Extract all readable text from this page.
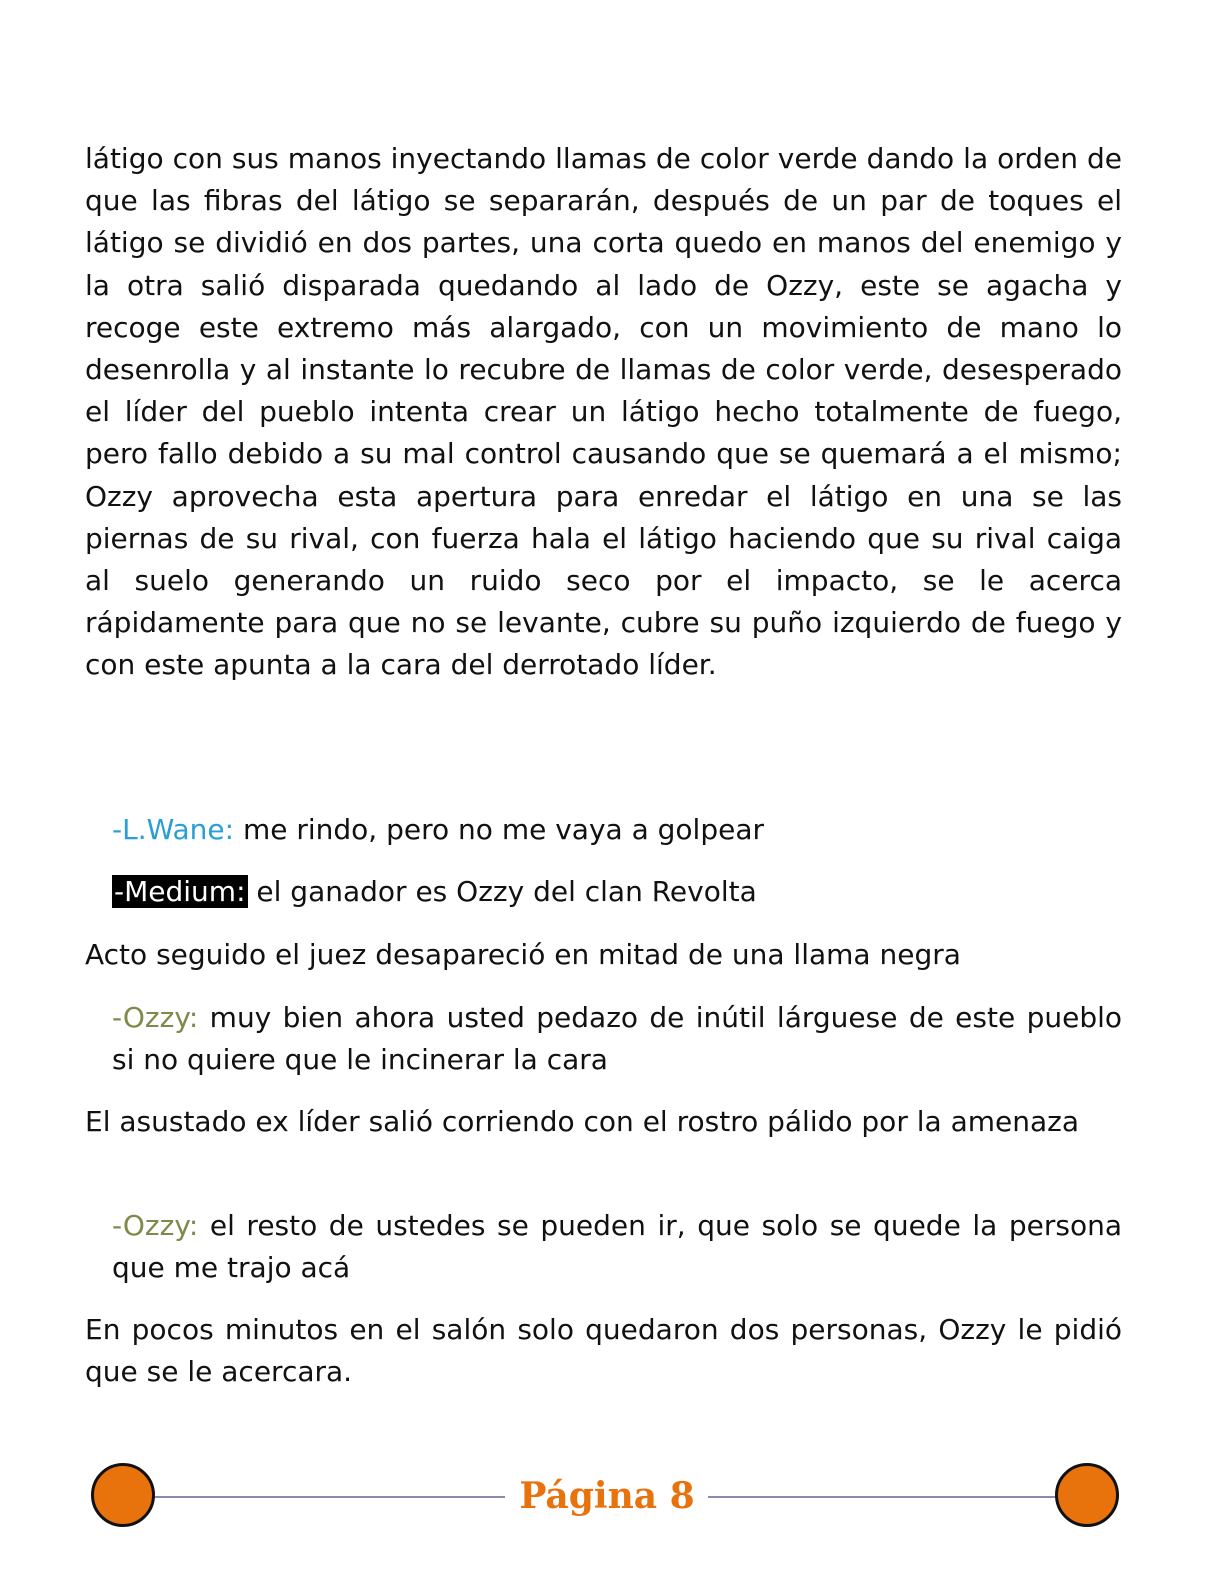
látigo con sus manos inyectando llamas de color verde dando la orden de que las fibras del látigo se separarán, después de un par de toques el látigo se dividió en dos partes, una corta quedo en manos del enemigo y la otra salió disparada quedando al lado de Ozzy, este se agacha y recoge este extremo más alargado, con un movimiento de mano lo desenrolla y al instante lo recubre de llamas de color verde, desesperado el líder del pueblo intenta crear un látigo hecho totalmente de fuego, pero fallo debido a su mal control causando que se quemará a el mismo; Ozzy aprovecha esta apertura para enredar el látigo en una se las piernas de su rival, con fuerza hala el látigo haciendo que su rival caiga al suelo generando un ruido seco por el impacto, se le acerca rápidamente para que no se levante, cubre su puño izquierdo de fuego y con este apunta a la cara del derrotado líder.

-L.Wane: me rindo, pero no me vaya a golpear

-Medium: el ganador es Ozzy del clan Revolta

Acto seguido el juez desapareció en mitad de una llama negra

-Ozzy: muy bien ahora usted pedazo de inútil lárguese de este pueblo si no quiere que le incinerar la cara

El asustado ex líder salió corriendo con el rostro pálido por la amenaza

-Ozzy: el resto de ustedes se pueden ir, que solo se quede la persona que me trajo acá

En pocos minutos en el salón solo quedaron dos personas, Ozzy le pidió que se le acercara.

Página 8
